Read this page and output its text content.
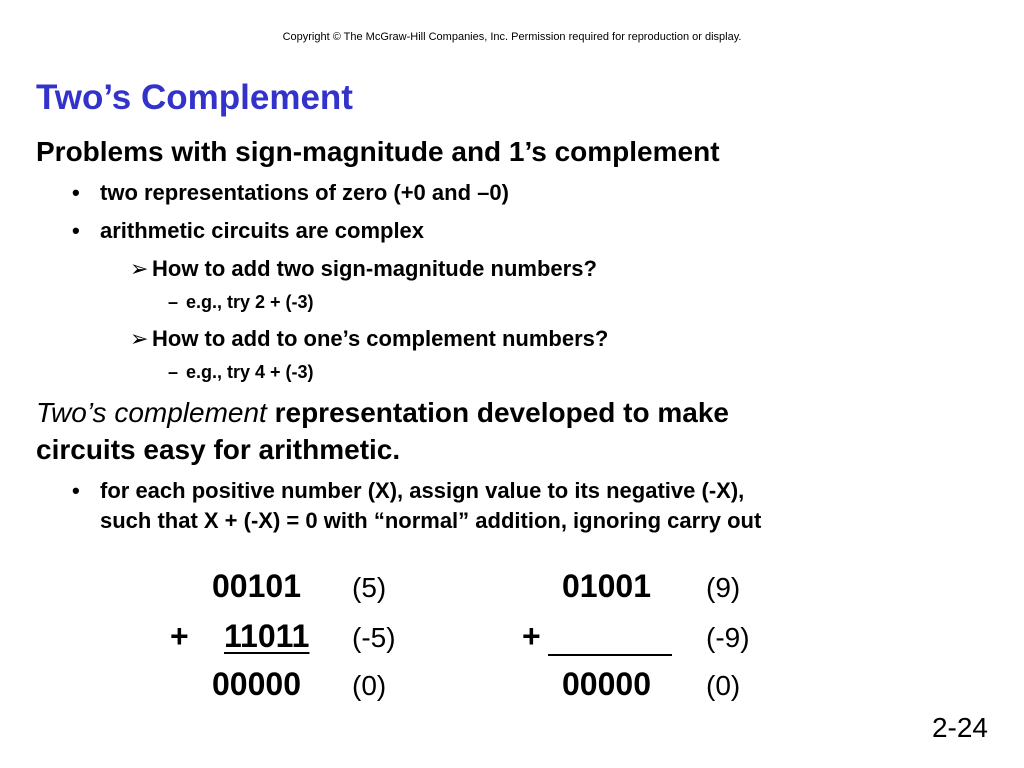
Copyright © The McGraw-Hill Companies, Inc. Permission required for reproduction or display.
Two’s Complement
Problems with sign-magnitude and 1’s complement
• two representations of zero (+0 and –0)
• arithmetic circuits are complex
➢ How to add two sign-magnitude numbers?
– e.g., try 2 + (-3)
➢ How to add to one’s complement numbers?
– e.g., try 4 + (-3)
Two’s complement representation developed to make
circuits easy for arithmetic.
• for each positive number (X), assign value to its negative (-X),
such that X + (-X) = 0 with “normal” addition, ignoring carry out
00101 (5)
+	11011 (-5)
00000 (0)
01001 (9)
+	(-9)
00000 (0)
2-24
